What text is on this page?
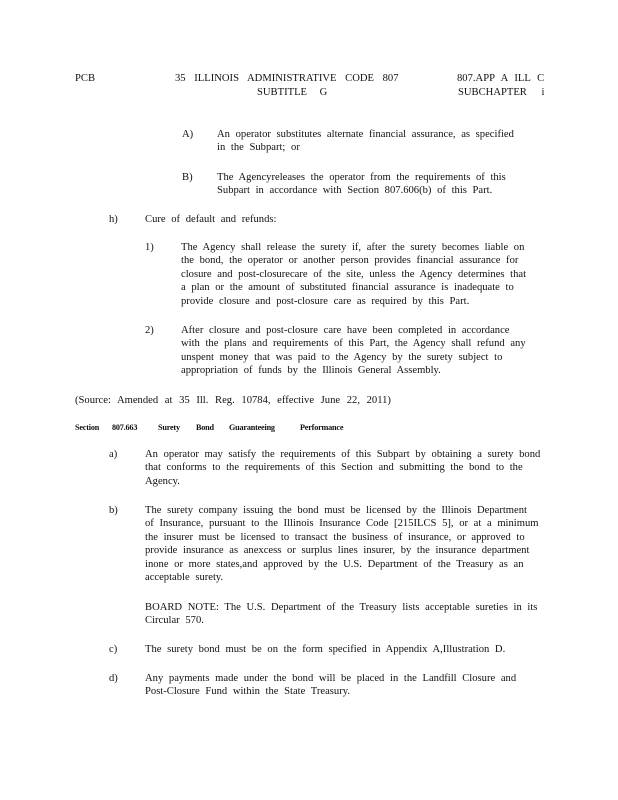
PCB	35 ILLINOIS ADMINISTRATIVE CODE 807
SUBTITLE G
807.APP A ILL C
SUBCHAPTER i
A) An operator substitutes alternate financial assurance, as specified in the Subpart; or
B) The Agencyreleases the operator from the requirements of this Subpart in accordance with Section 807.606(b) of this Part.
h)	Cure of default and refunds:
1)	The Agency shall release the surety if, after the surety becomes liable on the bond, the operator or another person provides financial assurance for closure and post-closurecare of the site, unless the Agency determines that a plan or the amount of substituted financial assurance is inadequate to provide closure and post-closure care as required by this Part.
2)	After closure and post-closure care have been completed in accordance with the plans and requirements of this Part, the Agency shall refund any unspent money that was paid to the Agency by the surety subject to appropriation of funds by the Illinois General Assembly.
(Source: Amended at 35 Ill. Reg. 10784, effective June 22, 2011)
Section 807.663	Surety Bond Guaranteeing	Performance
a)	An operator may satisfy the requirements of this Subpart by obtaining a surety bond that conforms to the requirements of this Section and submitting the bond to the Agency.
b)	The surety company issuing the bond must be licensed by the Illinois Department of Insurance, pursuant to the Illinois Insurance Code [215ILCS 5], or at a minimum the insurer must be licensed to transact the business of insurance, or approved to provide insurance as anexcess or surplus lines insurer, by the insurance department inone or more states,and approved by the U.S. Department of the Treasury as an acceptable surety.
BOARD NOTE: The U.S. Department of the Treasury lists acceptable sureties in its Circular 570.
c)	The surety bond must be on the form specified in Appendix A,Illustration D.
d)	Any payments made under the bond will be placed in the Landfill Closure and Post-Closure Fund within the State Treasury.
